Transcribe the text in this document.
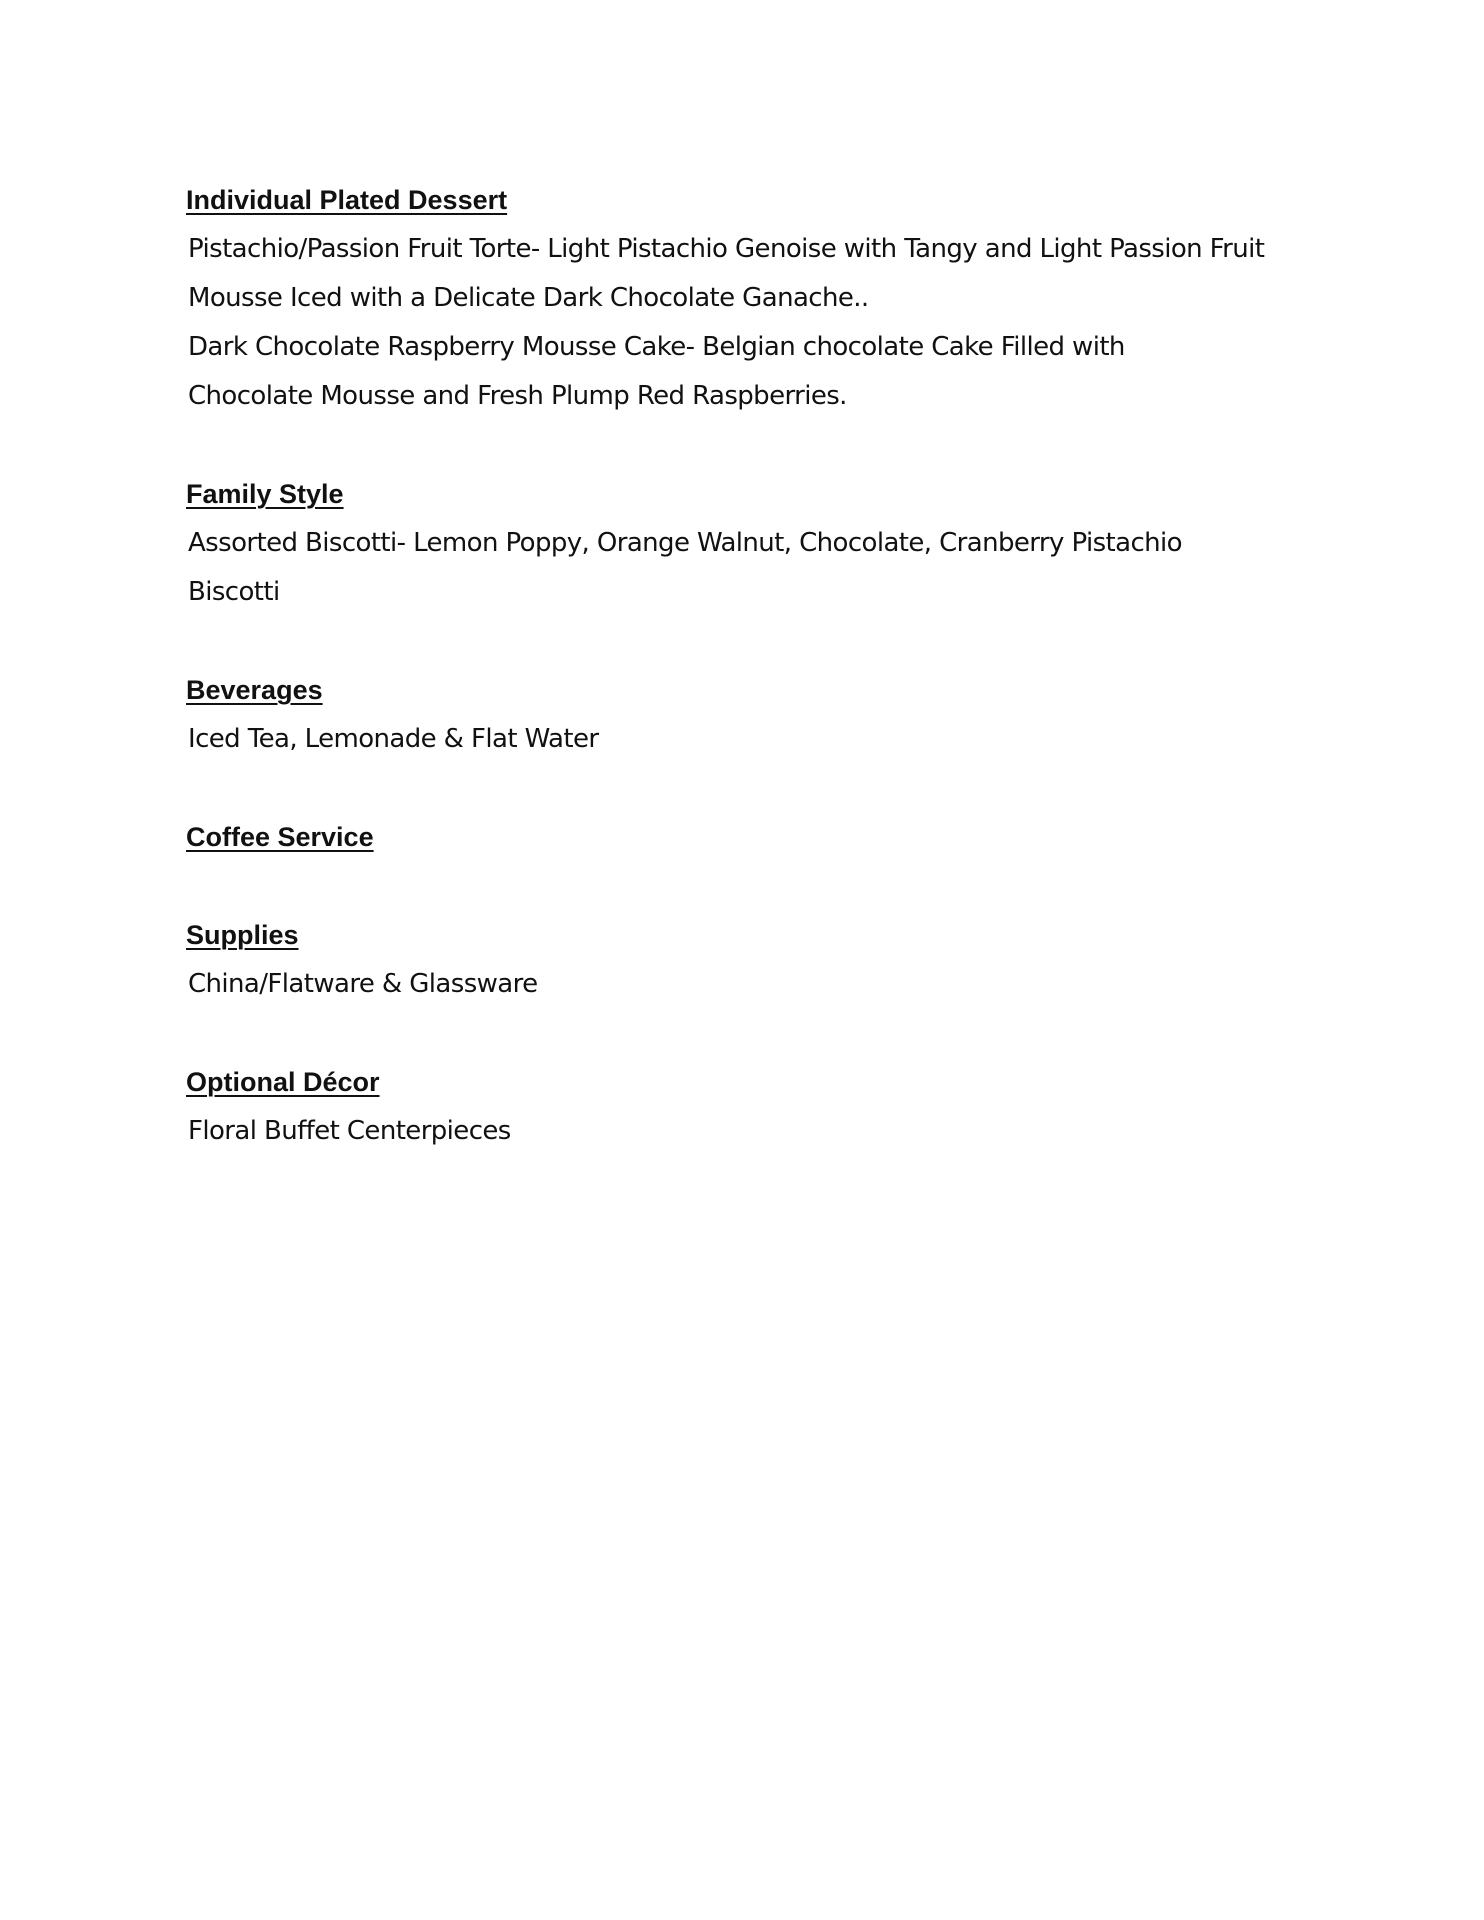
Individual Plated Dessert
Pistachio/Passion Fruit Torte- Light Pistachio Genoise with Tangy and Light Passion Fruit
Mousse Iced with a Delicate Dark Chocolate Ganache..
Dark Chocolate Raspberry Mousse Cake- Belgian chocolate Cake Filled with
Chocolate Mousse and Fresh Plump Red Raspberries.
Family Style
Assorted Biscotti- Lemon Poppy, Orange Walnut, Chocolate, Cranberry Pistachio
Biscotti
Beverages
Iced Tea, Lemonade & Flat Water
Coffee Service
Supplies
China/Flatware & Glassware
Optional Décor
Floral Buffet Centerpieces
